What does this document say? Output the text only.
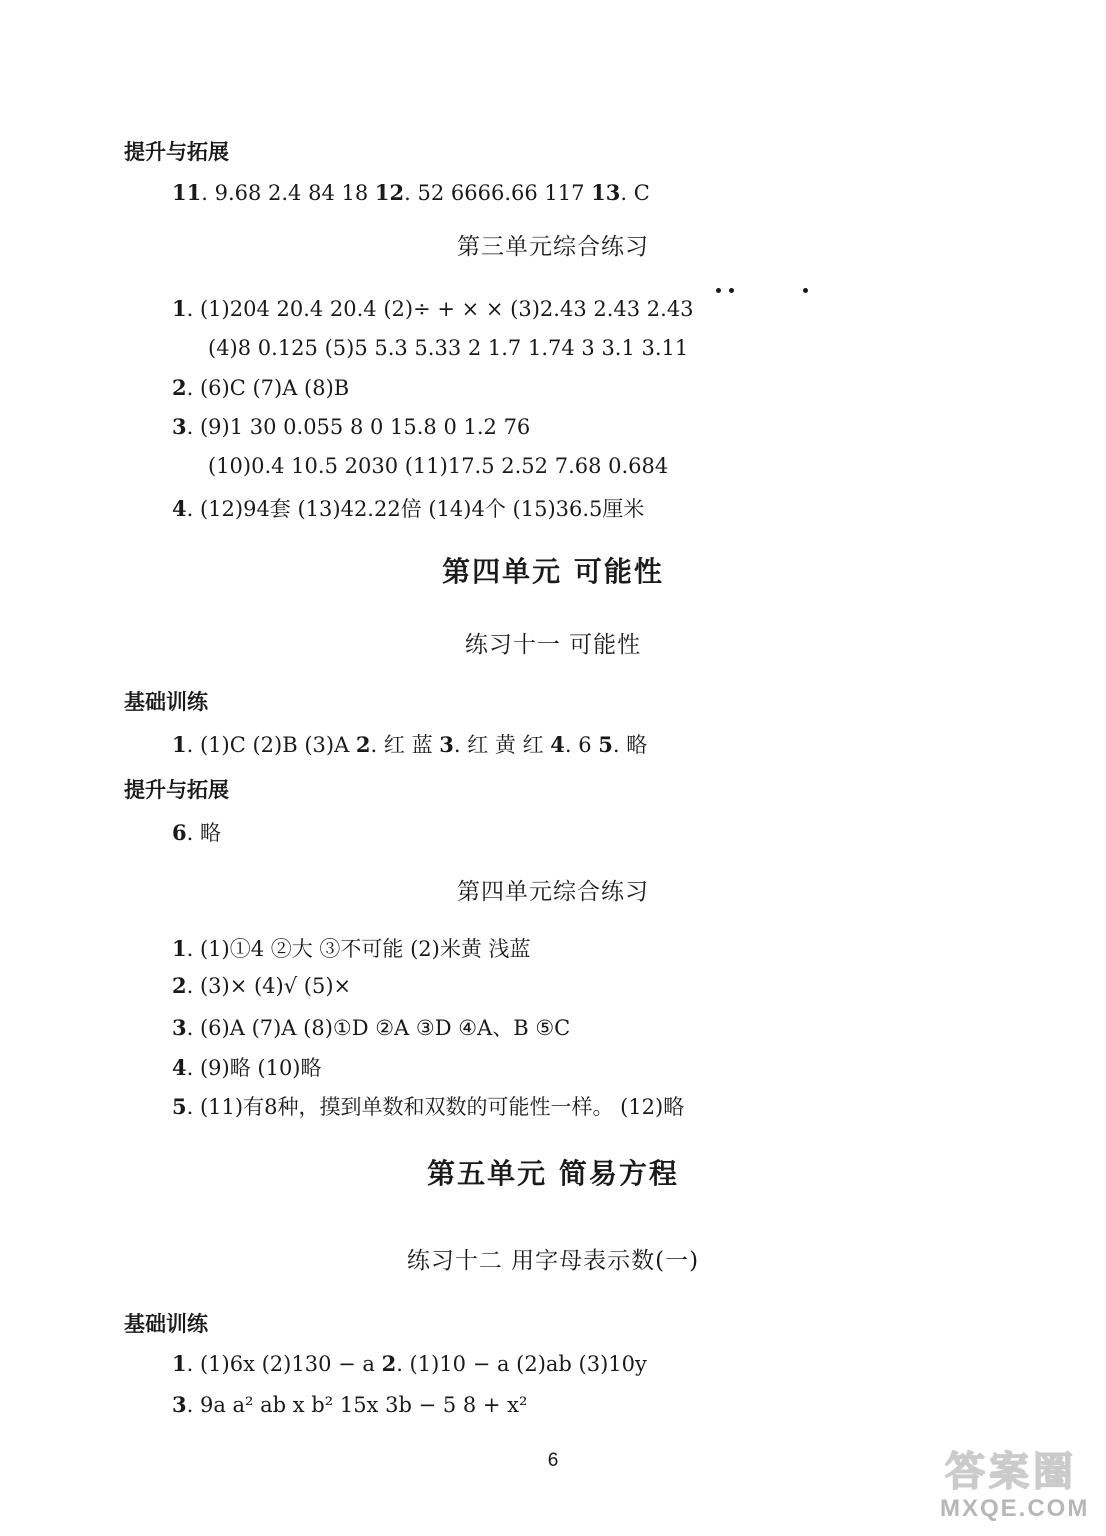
提升与拓展
11. 9.68 2.4 84 18 12. 52 6666.66 117 13. C
第三单元综合练习
1. (1)204 20.4 20.4 (2)÷ + × × (3)2.43 2.43 2.43
(4)8 0.125 (5)5 5.3 5.33 2 1.7 1.74 3 3.1 3.11
2. (6)C (7)A (8)B
3. (9)1 30 0.055 8 0 15.8 0 1.2 76
(10)0.4 10.5 2030 (11)17.5 2.52 7.68 0.684
4. (12)94套 (13)42.22倍 (14)4个 (15)36.5厘米
第四单元 可能性
练习十一 可能性
基础训练
1. (1)C (2)B (3)A 2. 红 蓝 3. 红 黄 红 4. 6 5. 略
提升与拓展
6. 略
第四单元综合练习
1. (1)①4 ②大 ③不可能 (2)米黄 浅蓝
2. (3)× (4)√ (5)×
3. (6)A (7)A (8)①D ②A ③D ④A、B ⑤C
4. (9)略 (10)略
5. (11)有8种，摸到单数和双数的可能性一样。 (12)略
第五单元 简易方程
练习十二 用字母表示数(一)
基础训练
1. (1)6x (2)130 − a 2. (1)10 − a (2)ab (3)10y
3. 9a a² ab x b² 15x 3b − 5 8 + x²
6	答案圈
MXQE.COM
